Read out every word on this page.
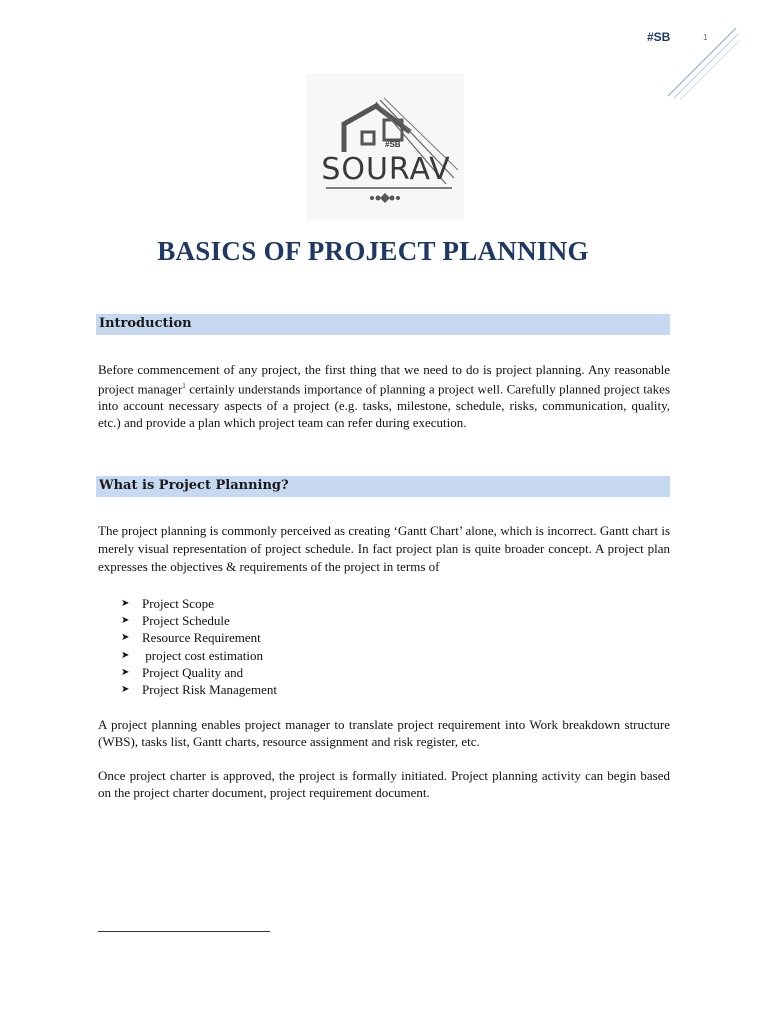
#SB	1
#SB
SOURAV
BASICS OF PROJECT PLANNING
Introduction

Before commencement of any project, the first thing that we need to do is project planning. Any reasonable project manager$^1$ certainly understands importance of planning a project well. Carefully planned project takes into account necessary aspects of a project (e.g. tasks, milestone, schedule, risks, communication, quality, etc.) and provide a plan which project team can refer during execution.

What is Project Planning?

The project planning is commonly perceived as creating ‘Gantt Chart’ alone, which is incorrect. Gantt chart is merely visual representation of project schedule. In fact project plan is quite broader concept. A project plan expresses the objectives & requirements of the project in terms of

➤ Project Scope
➤ Project Schedule
➤ Resource Requirement
➤ project cost estimation
➤ Project Quality and
➤ Project Risk Management

A project planning enables project manager to translate project requirement into Work breakdown structure (WBS), tasks list, Gantt charts, resource assignment and risk register, etc.

Once project charter is approved, the project is formally initiated. Project planning activity can begin based on the project charter document, project requirement document.
